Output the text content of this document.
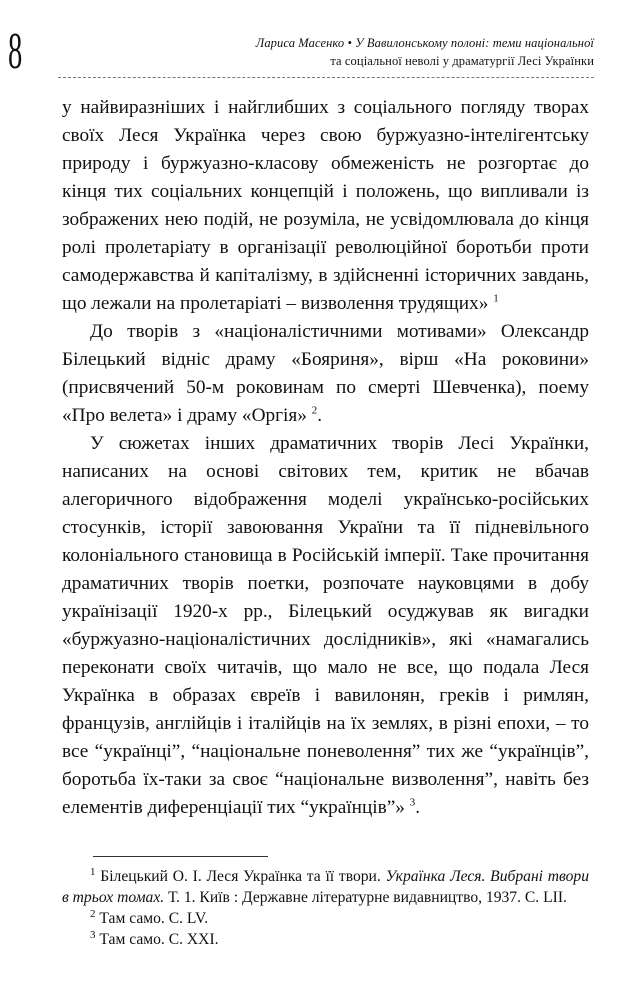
8	Лариса Масенко • У Вавилонському полоні: теми національної
та соціальної неволі у драматургії Лесі Українки

у найвиразніших і найглибших з соціального погляду творах своїх Леся Українка через свою буржуазно-інтелігентську природу і буржуазно-класову обмеженість не розгортає до кінця тих соціальних концепцій і положень, що випливали із зображених нею подій, не розуміла, не усвідомлювала до кінця ролі пролетаріату в організації революційної боротьби проти самодержавства й капіталізму, в здійсненні історичних завдань, що лежали на пролетаріаті – визволення трудящих» $^1$

До творів з «націоналістичними мотивами» Олександр Білецький відніс драму «Бояриня», вірш «На роковини» (присвячений 50-м роковинам по смерті Шевченка), поему «Про велета» і драму «Оргія» $^2$.

У сюжетах інших драматичних творів Лесі Українки, написаних на основі світових тем, критик не вбачав алегоричного відображення моделі українсько-російських стосунків, історії завоювання України та її підневільного колоніального становища в Російській імперії. Таке прочитання драматичних творів поетки, розпочате науковцями в добу українізації 1920-х рр., Білецький осуджував як вигадки «буржуазно-націоналістичних дослідників», які «намагались переконати своїх читачів, що мало не все, що подала Леся Українка в образах євреїв і вавилонян, греків і римлян, французів, англійців і італійців на їх землях, в різні епохи, – то все “українці”, “національне поневолення” тих же “українців”, боротьба їх-таки за своє “національне визволення”, навіть без елементів диференціації тих “українців”» $^3$.

$^1$ Білецький О. І. Леся Українка та її твори. Українка Леся. Вибрані твори в трьох томах. Т. 1. Київ : Державне літературне видавництво, 1937. С. LII.

$^2$ Там само. С. LV.

$^3$ Там само. С. XXI.
